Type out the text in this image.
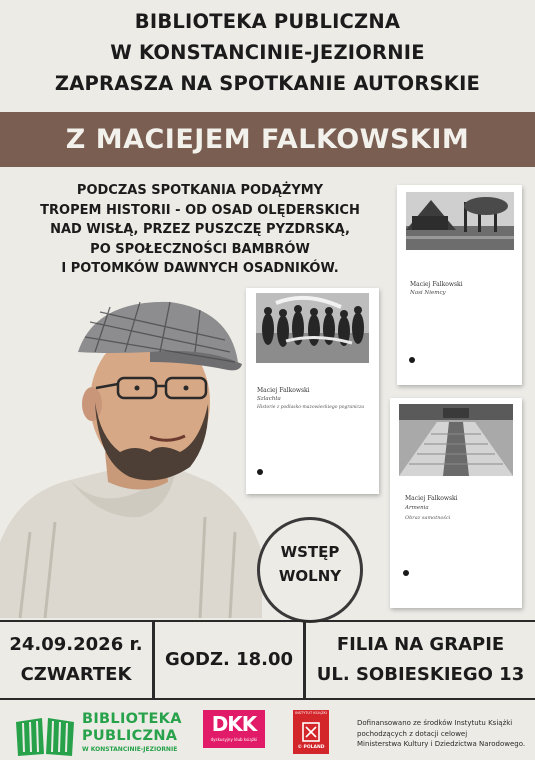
BIBLIOTEKA PUBLICZNA
W KONSTANCINIE-JEZIORNIE
ZAPRASZA NA SPOTKANIE AUTORSKIE
Z MACIEJEM FALKOWSKIM
PODCZAS SPOTKANIA PODĄŻYMY
TROPEM HISTORII - OD OSAD OLĘDERSKICH
NAD WISŁĄ, PRZEZ PUSZCZĘ PYZDRSKĄ,
PO SPOŁECZNOŚCI BAMBRÓW
I POTOMKÓW DAWNYCH OSADNIKÓW.
Maciej Falkowski
Nasi Niemcy
Maciej Falkowski
Szlachta
Historie z podlasko-mazowieckiego pogranicza
Maciej Falkowski
Armenia
Obraz samotności
WSTĘP
WOLNY
24.09.2026 r.
CZWARTEK
GODZ. 18.00
FILIA NA GRAPIE
UL. SOBIESKIEGO 13
BIBLIOTEKA
PUBLICZNA
W KONSTANCINIE-JEZIORNIE
DKK
dyskusyjny klub książki
INSTYTUT KSIĄŻKI
© POLAND
Dofinansowano ze środków Instytutu Książki
pochodzących z dotacji celowej
Ministerstwa Kultury i Dziedzictwa Narodowego.
